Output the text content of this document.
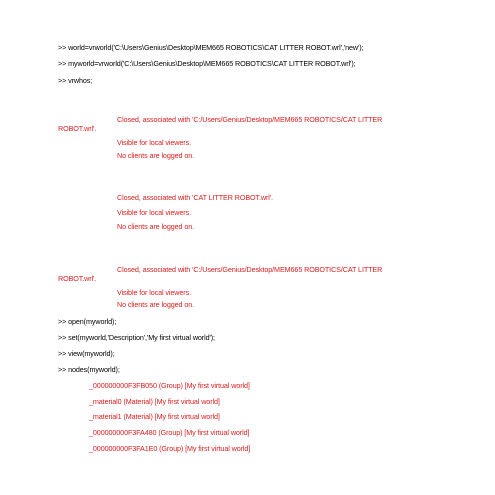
>> world=vrworld('C:\Users\Genius\Desktop\MEM665 ROBOTICS\CAT LITTER ROBOT.wrl','new');
>> myworld=vrworld('C:\Users\Genius\Desktop\MEM665 ROBOTICS\CAT LITTER ROBOT.wrl');
>> vrwhos;
Closed, associated with 'C:/Users/Genius/Desktop/MEM665 ROBOTICS/CAT LITTER
ROBOT.wrl'.
Visible for local viewers.
No clients are logged on.
Closed, associated with 'CAT LITTER ROBOT.wrl'.
Visible for local viewers.
No clients are logged on.
Closed, associated with 'C:/Users/Genius/Desktop/MEM665 ROBOTICS/CAT LITTER
ROBOT.wrl'.
Visible for local viewers.
No clients are logged on.
>> open(myworld);
>> set(myworld,'Description','My first virtual world');
>> view(myworld);
>> nodes(myworld);
_000000000F3FB050 (Group) [My first virtual world]
_material0 (Material) [My first virtual world]
_material1 (Material) [My first virtual world]
_000000000F3FA480 (Group) [My first virtual world]
_000000000F3FA1E0 (Group) [My first virtual world]
